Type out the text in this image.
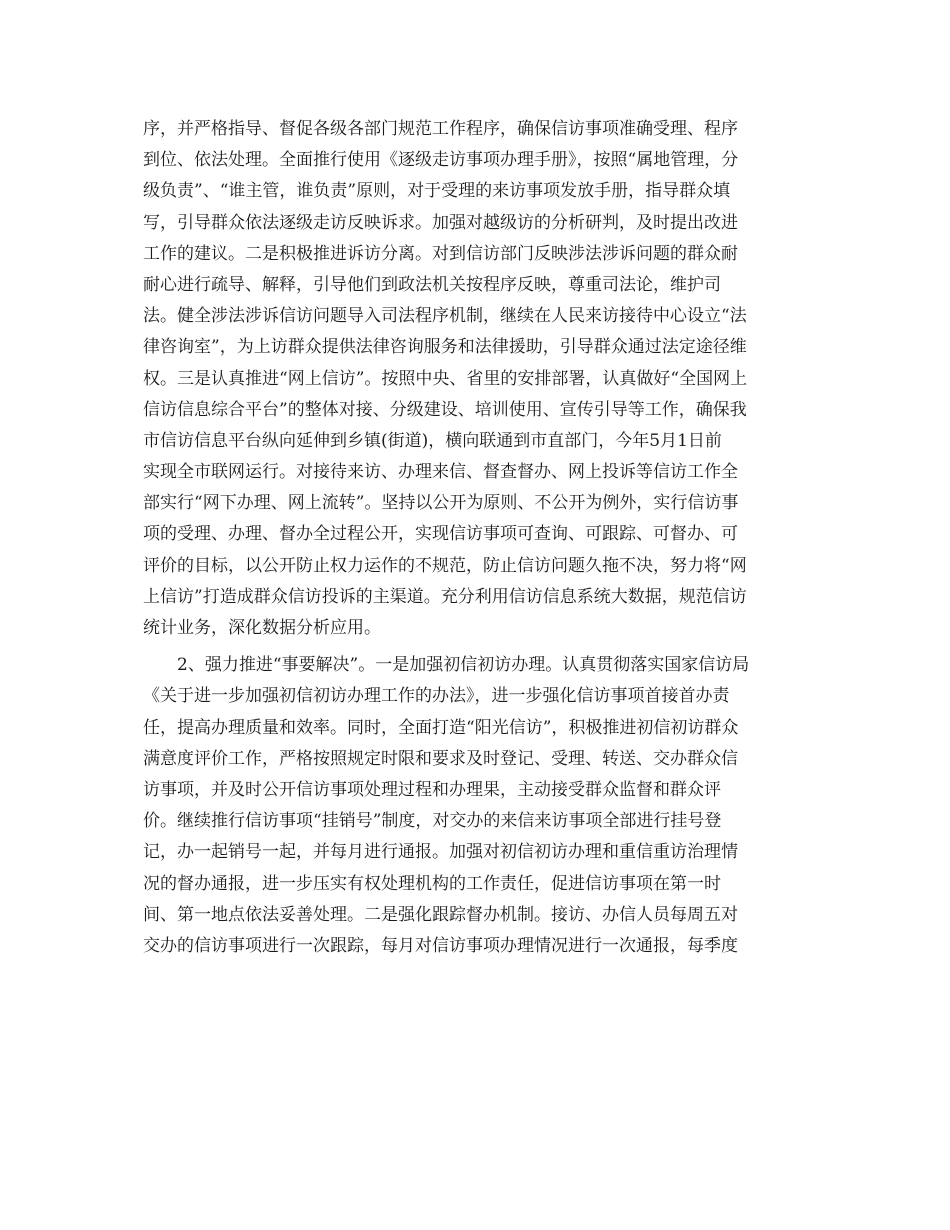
序，并严格指导、督促各级各部门规范工作程序，确保信访事项准确受理、程序
到位、依法处理。全面推行使用《逐级走访事项办理手册》，按照“属地管理，分
级负责”、“谁主管，谁负责”原则，对于受理的来访事项发放手册，指导群众填
写，引导群众依法逐级走访反映诉求。加强对越级访的分析研判，及时提出改进
工作的建议。二是积极推进诉访分离。对到信访部门反映涉法涉诉问题的群众耐
耐心进行疏导、解释，引导他们到政法机关按程序反映，尊重司法论，维护司
法。健全涉法涉诉信访问题导入司法程序机制，继续在人民来访接待中心设立“法
律咨询室”，为上访群众提供法律咨询服务和法律援助，引导群众通过法定途径维
权。三是认真推进“网上信访”。按照中央、省里的安排部署，认真做好“全国网上
信访信息综合平台”的整体对接、分级建设、培训使用、宣传引导等工作，确保我
市信访信息平台纵向延伸到乡镇(街道)，横向联通到市直部门，今年5月1日前
实现全市联网运行。对接待来访、办理来信、督查督办、网上投诉等信访工作全
部实行“网下办理、网上流转”。坚持以公开为原则、不公开为例外，实行信访事
项的受理、办理、督办全过程公开，实现信访事项可查询、可跟踪、可督办、可
评价的目标，以公开防止权力运作的不规范，防止信访问题久拖不决，努力将“网
上信访”打造成群众信访投诉的主渠道。充分利用信访信息系统大数据，规范信访
统计业务，深化数据分析应用。
　　2、强力推进“事要解决”。一是加强初信初访办理。认真贯彻落实国家信访局
《关于进一步加强初信初访办理工作的办法》，进一步强化信访事项首接首办责
任，提高办理质量和效率。同时，全面打造“阳光信访”，积极推进初信初访群众
满意度评价工作，严格按照规定时限和要求及时登记、受理、转送、交办群众信
访事项，并及时公开信访事项处理过程和办理果，主动接受群众监督和群众评
价。继续推行信访事项“挂销号”制度，对交办的来信来访事项全部进行挂号登
记，办一起销号一起，并每月进行通报。加强对初信初访办理和重信重访治理情
况的督办通报，进一步压实有权处理机构的工作责任，促进信访事项在第一时
间、第一地点依法妥善处理。二是强化跟踪督办机制。接访、办信人员每周五对
交办的信访事项进行一次跟踪，每月对信访事项办理情况进行一次通报，每季度
